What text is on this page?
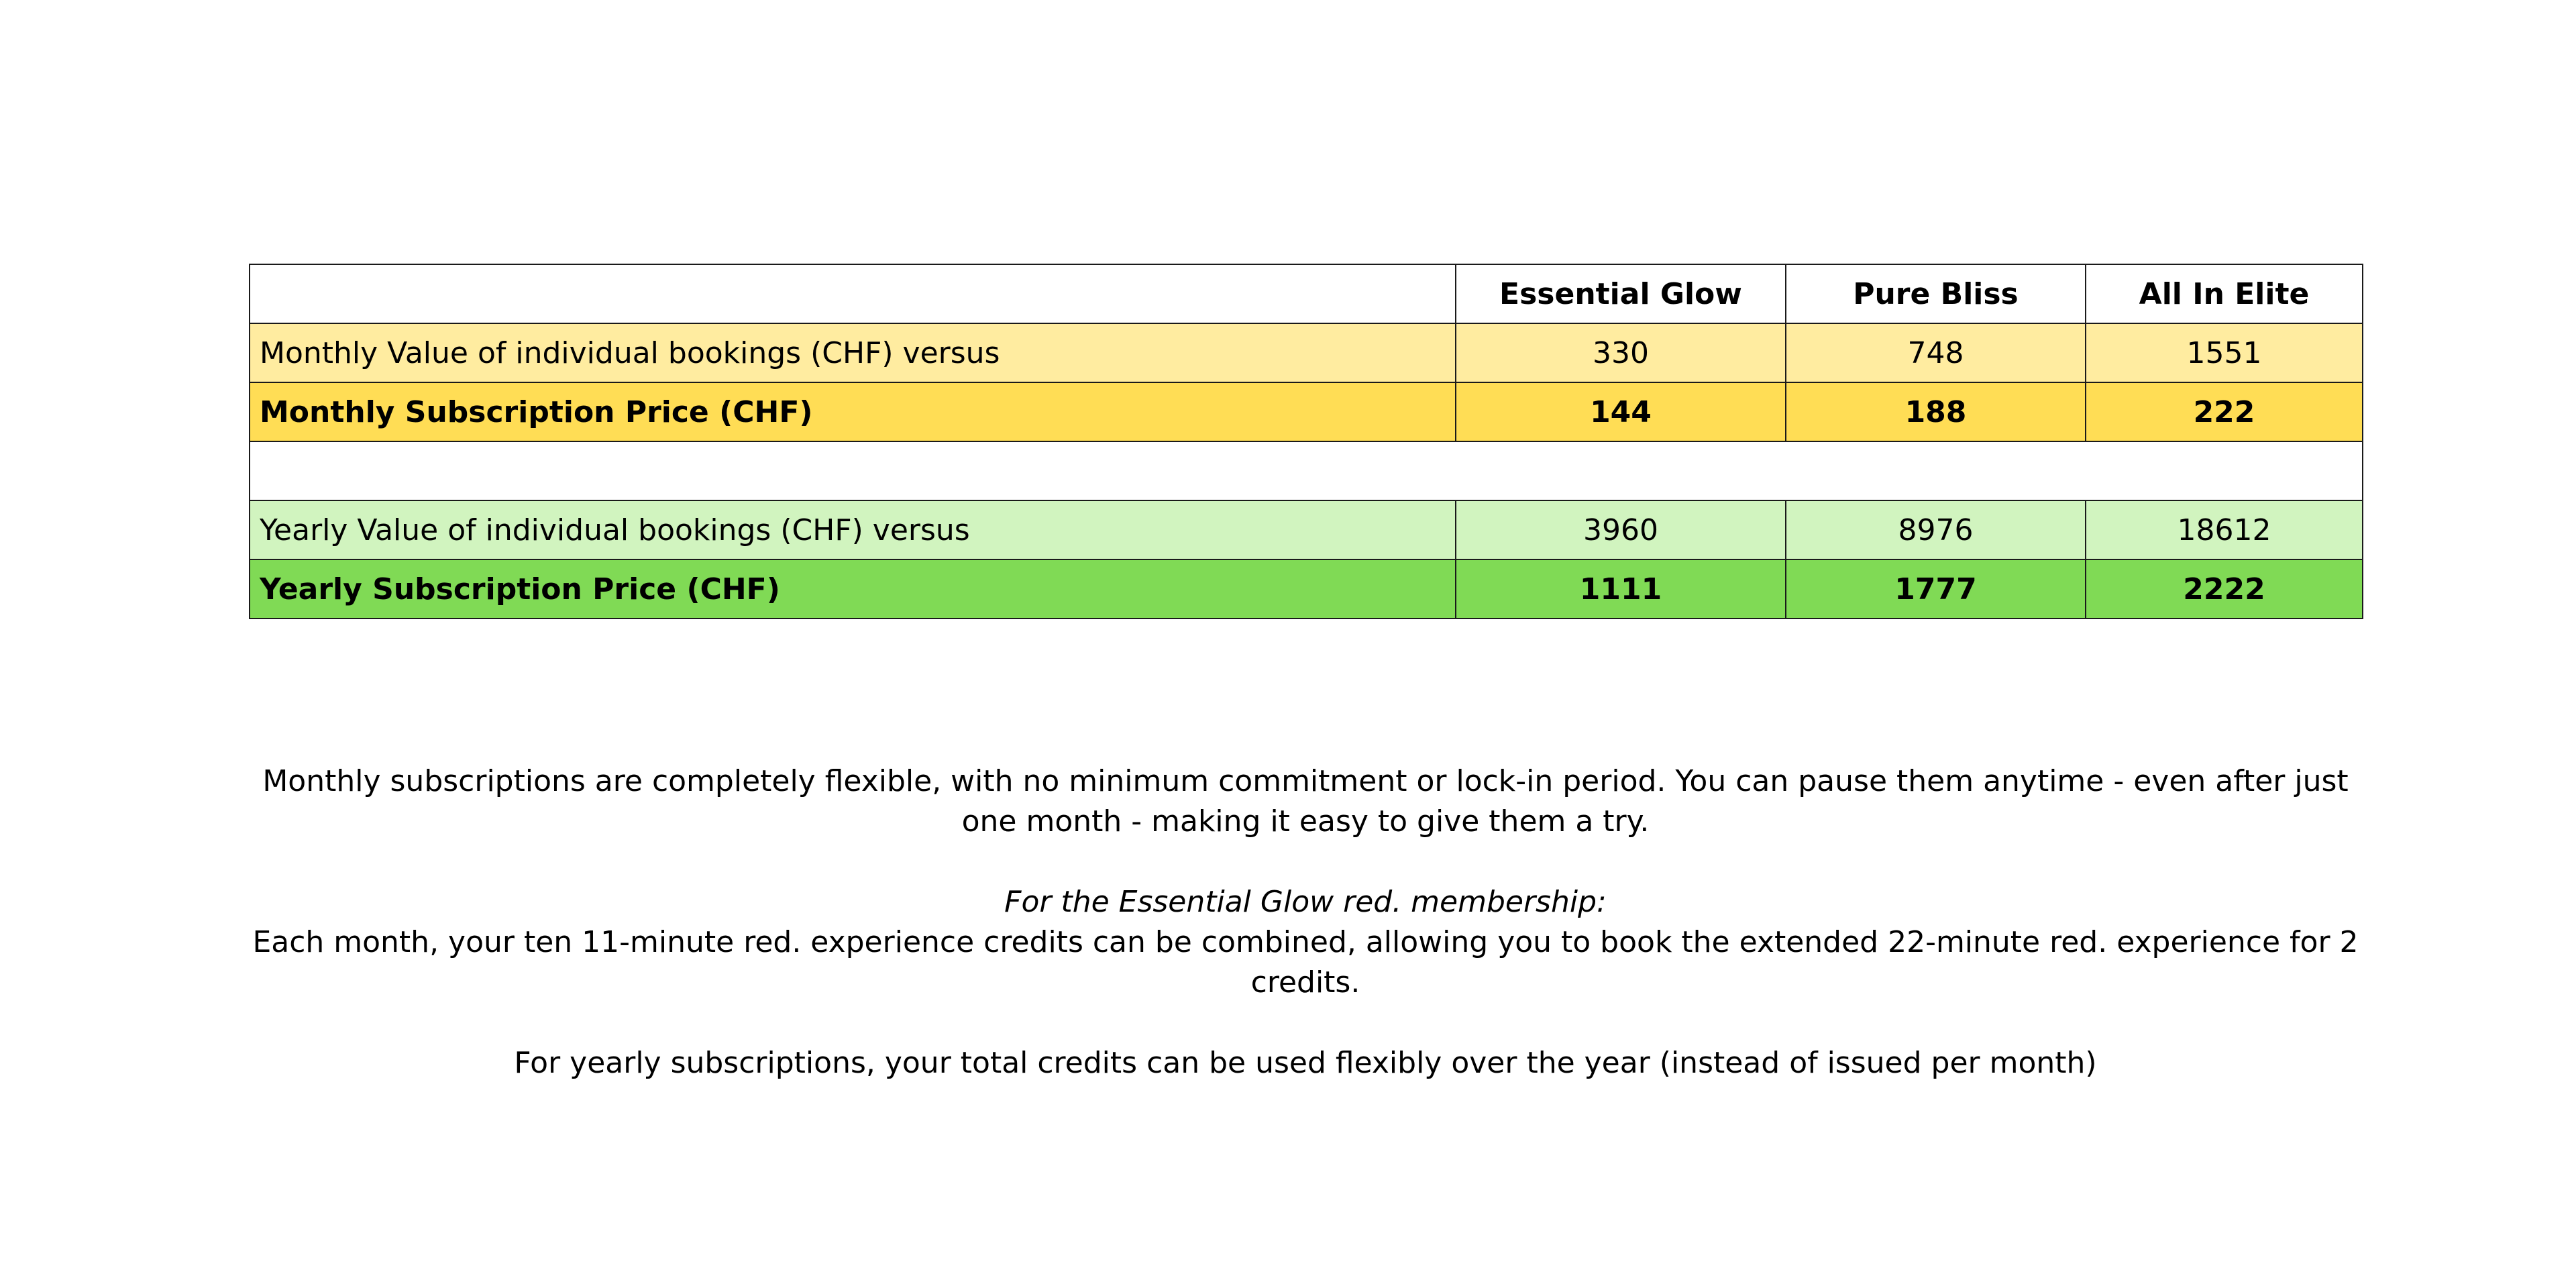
	Essential Glow	Pure Bliss	All In Elite
Monthly Value of individual bookings (CHF) versus	330	748	1551
Monthly Subscription Price (CHF)	144	188	222

Yearly Value of individual bookings (CHF) versus	3960	8976	18612
Yearly Subscription Price (CHF)	1111	1777	2222

Monthly subscriptions are completely flexible, with no minimum commitment or lock-in period. You can pause them anytime - even after just one month - making it easy to give them a try.

For the Essential Glow red. membership:

Each month, your ten 11-minute red. experience credits can be combined, allowing you to book the extended 22-minute red. experience for 2 credits.

For yearly subscriptions, your total credits can be used flexibly over the year (instead of issued per month)
